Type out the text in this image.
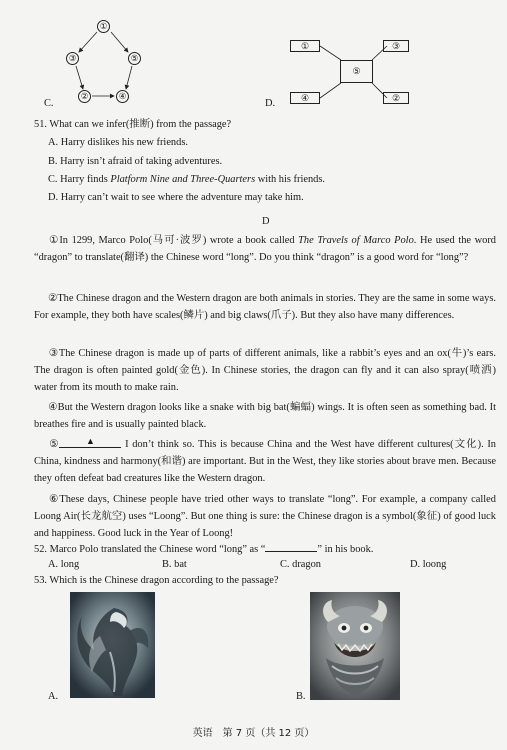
①
③	⑤
②	④
C.
①
④
⑤
③
②
D.
51. What can we infer(推断) from the passage?
A. Harry dislikes his new friends.
B. Harry isn’t afraid of taking adventures.
C. Harry finds Platform Nine and Three-Quarters with his friends.
D. Harry can’t wait to see where the adventure may take him.
D
①In 1299, Marco Polo(马可·波罗) wrote a book called The Travels of Marco Polo. He used the word “dragon” to translate(翻译) the Chinese word “long”. Do you think “dragon” is a good word for “long”?
②The Chinese dragon and the Western dragon are both animals in stories. They are the same in some ways. For example, they both have scales(鳞片) and big claws(爪子). But they also have many differences.
③The Chinese dragon is made up of parts of different animals, like a rabbit’s eyes and an ox(牛)’s ears. The dragon is often painted gold(金色). In Chinese stories, the dragon can fly and it can also spray(喷洒) water from its mouth to make rain.
④But the Western dragon looks like a snake with big bat(蝙蝠) wings. It is often seen as something bad. It breathes fire and is usually painted black.
⑤	▲	I don’t think so. This is because China and the West have different cultures(文化). In China, kindness and harmony(和谐) are important. But in the West, they like stories about brave men. Because they often defeat bad creatures like the Western dragon.
⑥These days, Chinese people have tried other ways to translate “long”. For example, a company called Loong Air(长龙航空) uses “Loong”. But one thing is sure: the Chinese dragon is a symbol(象征) of good luck and happiness. Good luck in the Year of Loong!
52. Marco Polo translated the Chinese word “long” as “	” in his book.
A. long	B. bat	C. dragon	D. loong
53. Which is the Chinese dragon according to the passage?
A.	B.
英语　第 7 页（共 12 页）
